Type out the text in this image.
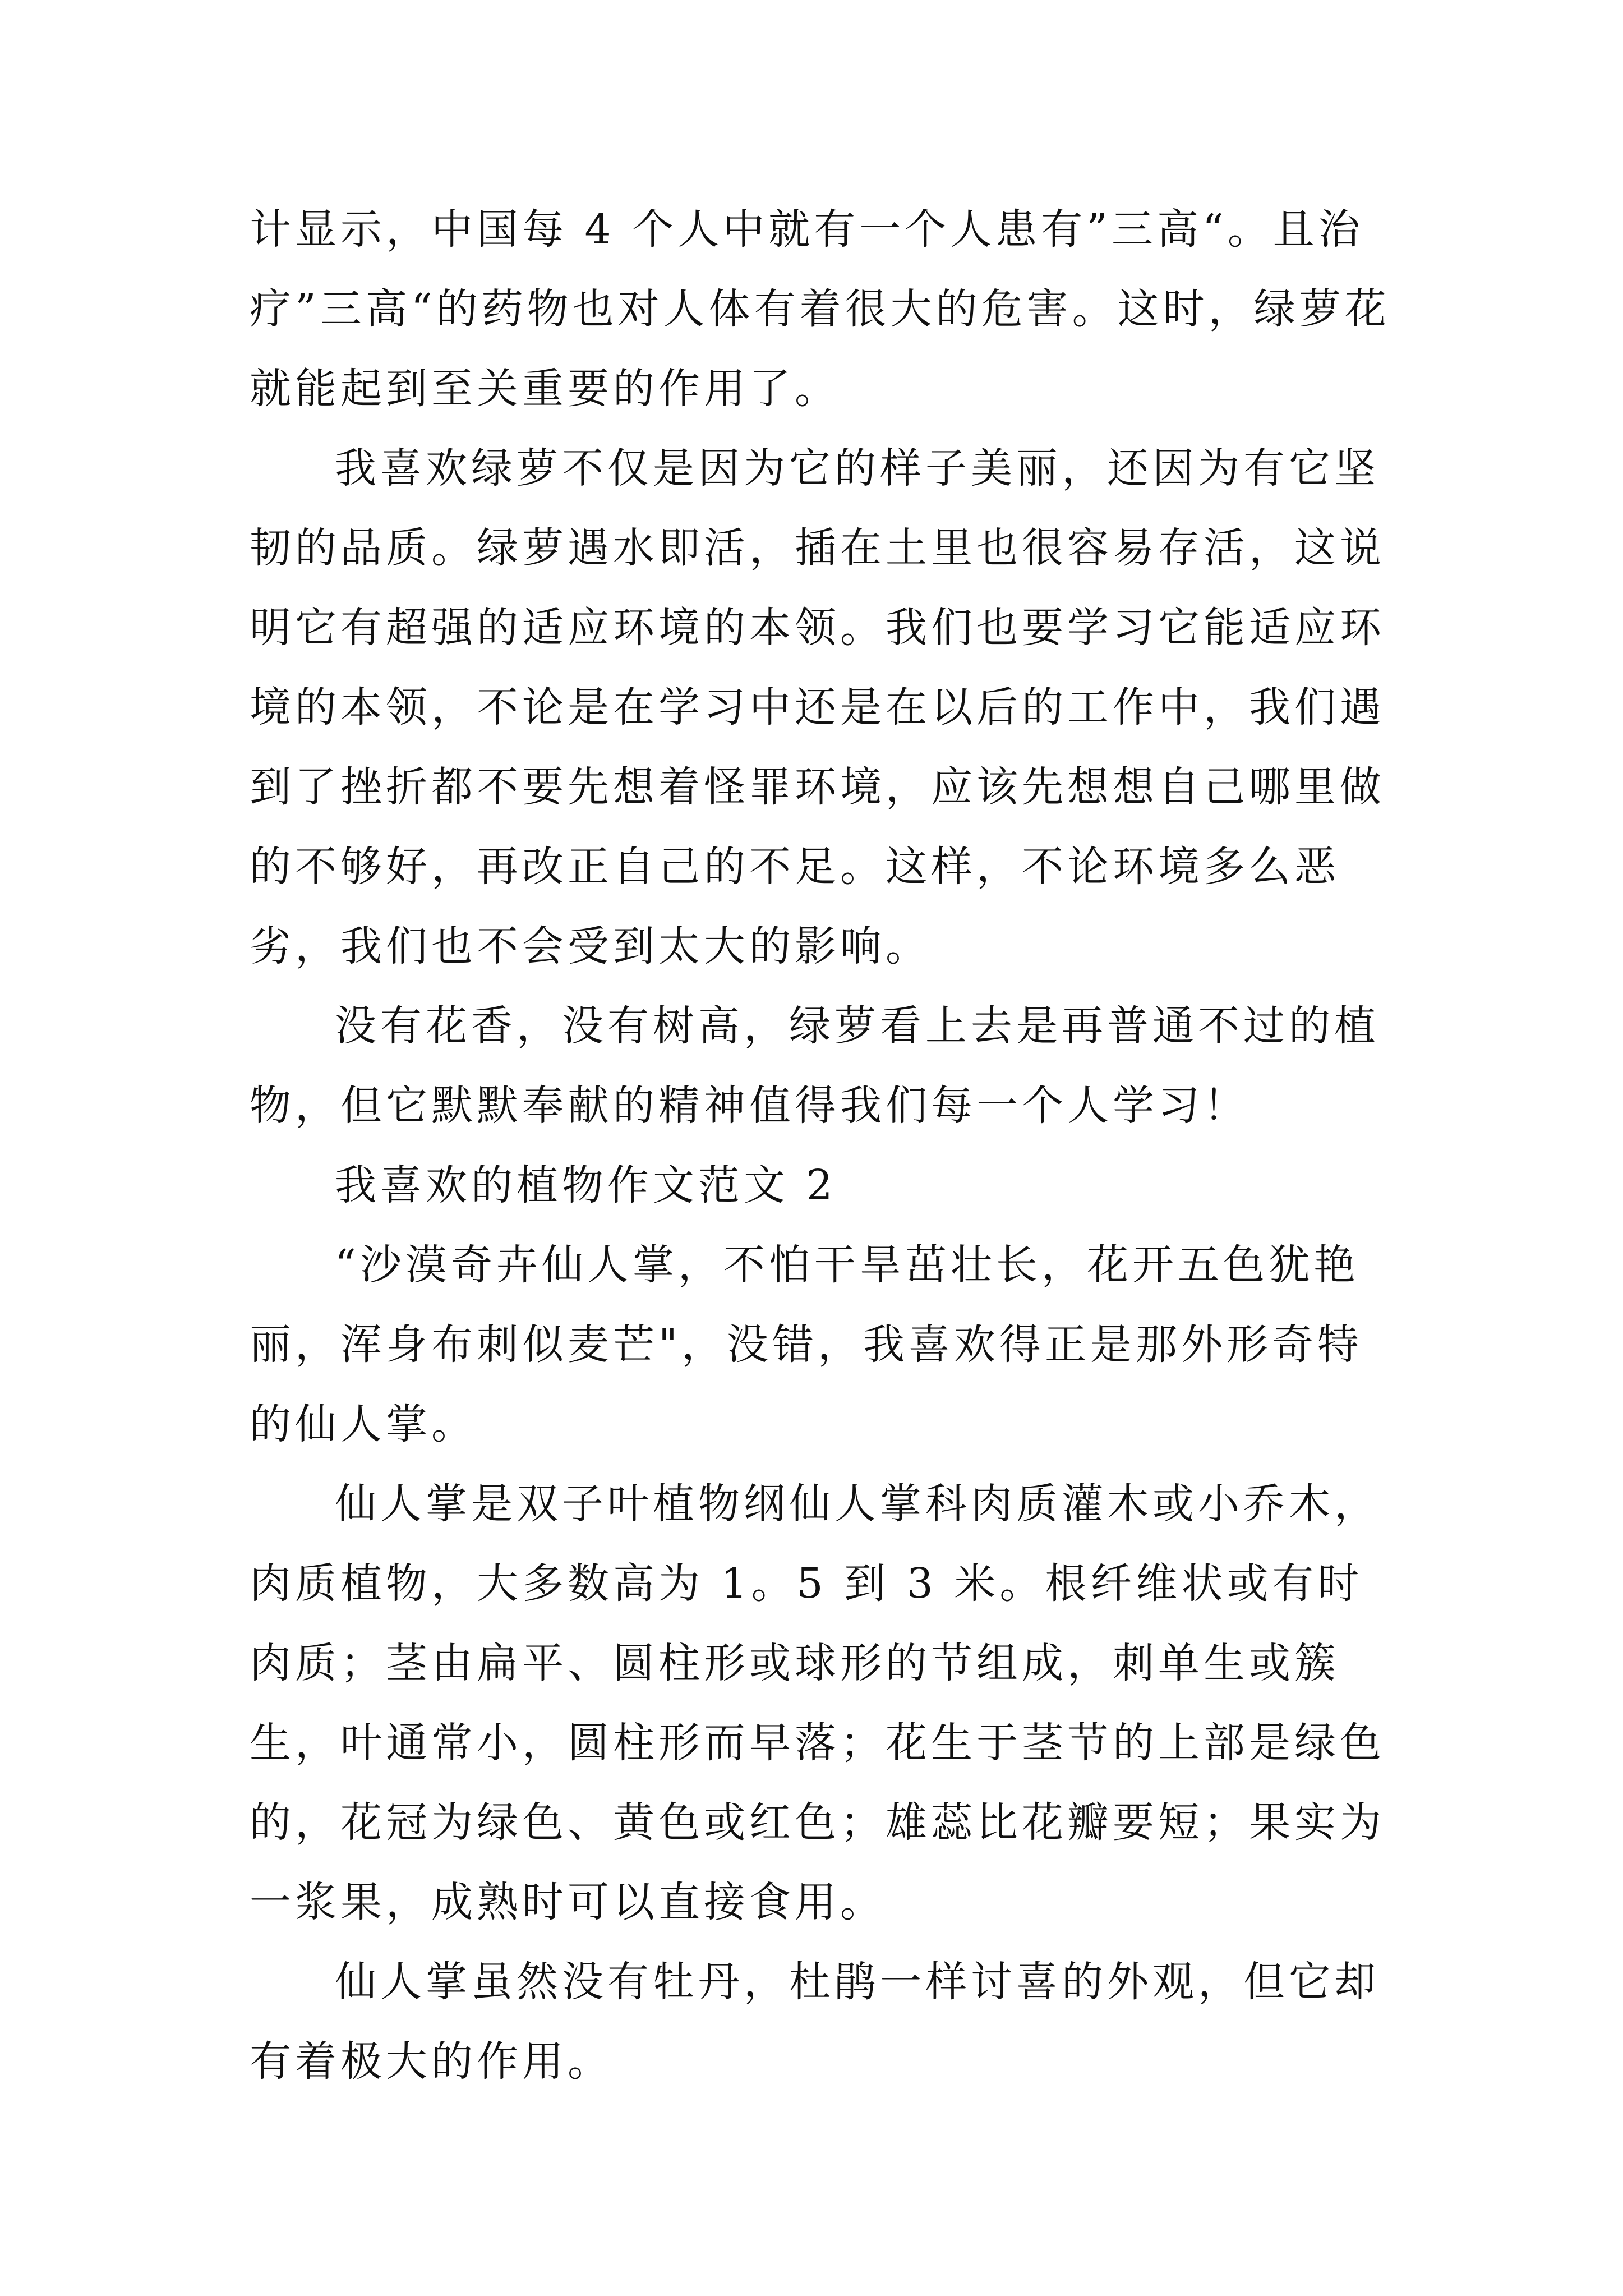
计显示，中国每 4 个人中就有一个人患有”三高“。且治疗”三高“的药物也对人体有着很大的危害。这时，绿萝花就能起到至关重要的作用了。

我喜欢绿萝不仅是因为它的样子美丽，还因为有它坚韧的品质。绿萝遇水即活，插在土里也很容易存活，这说明它有超强的适应环境的本领。我们也要学习它能适应环境的本领，不论是在学习中还是在以后的工作中，我们遇到了挫折都不要先想着怪罪环境，应该先想想自己哪里做的不够好，再改正自己的不足。这样，不论环境多么恶劣，我们也不会受到太大的影响。

没有花香，没有树高，绿萝看上去是再普通不过的植物，但它默默奉献的精神值得我们每一个人学习！

我喜欢的植物作文范文 2

“沙漠奇卉仙人掌，不怕干旱茁壮长，花开五色犹艳丽，浑身布刺似麦芒"，没错，我喜欢得正是那外形奇特的仙人掌。

仙人掌是双子叶植物纲仙人掌科肉质灌木或小乔木，肉质植物，大多数高为 1。5 到 3 米。根纤维状或有时肉质；茎由扁平、圆柱形或球形的节组成，刺单生或簇生，叶通常小，圆柱形而早落；花生于茎节的上部是绿色的，花冠为绿色、黄色或红色；雄蕊比花瓣要短；果实为一浆果，成熟时可以直接食用。

仙人掌虽然没有牡丹，杜鹃一样讨喜的外观，但它却有着极大的作用。
